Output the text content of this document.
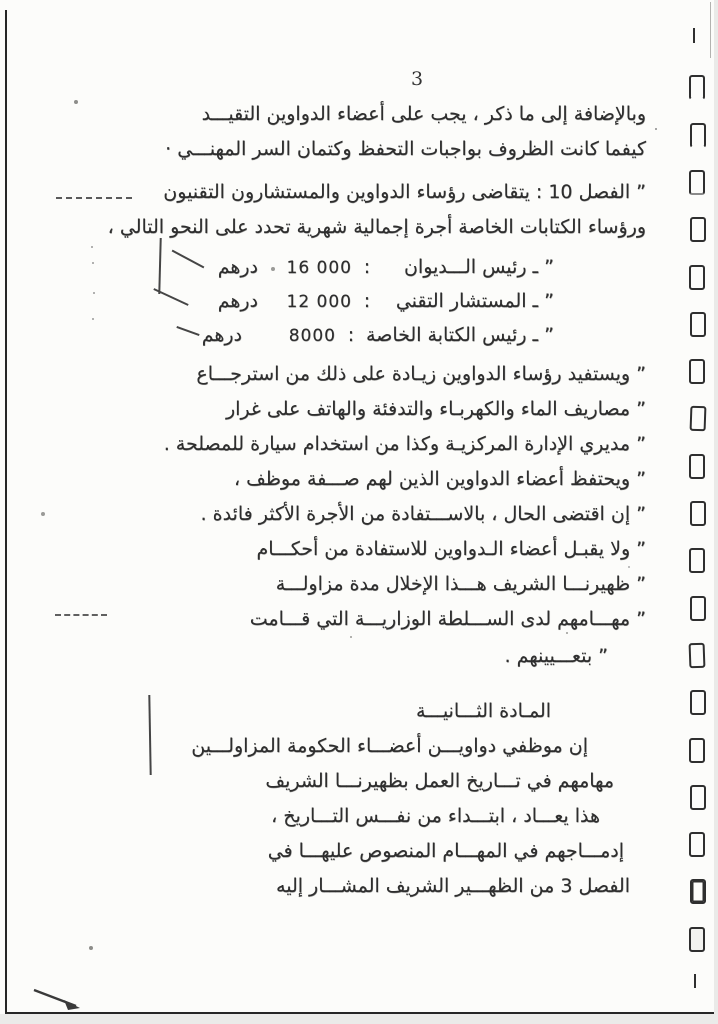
3
وبالإضافة إلى ما ذكر ، يجب على أعضاء الدواوين التقيـــد
كيفما كانت الظروف بواجبات التحفظ وكتمان السر المهنـــي ·
” الفصل 10 : يتقاضى رؤساء الدواوين والمستشارون التقنيون
ورؤساء الكتابات الخاصة أجرة إجمالية شهرية تحدد على النحو التالي ،
” ـ رئيس الـــديوان
:
16 000
درهم
” ـ المستشار التقني
:
12 000
درهم
” ـ رئيس الكتابة الخاصة
:
8000
درهم
” ويستفيد رؤساء الدواوين زيـادة على ذلك من استرجـــاع
” مصاريف الماء والكهربـاء والتدفئة والهاتف على غرار
” مديري الإدارة المركزيـة وكذا من استخدام سيارة للمصلحة .
” ويحتفظ أعضاء الدواوين الذين لهم صـــفة موظف ،
” إن اقتضى الحال ، بالاســـتفادة من الأجرة الأكثر فائدة .
” ولا يقبـل أعضاء الـدواوين للاستفادة من أحكـــام
” ظهيرنـــا الشريف هـــذا الإخلال مدة مزاولـــة
” مهـــامهم لدى الســـلطة الوزاريـــة التي قـــامت
” بتعـــيينهم .
المـادة الثـــانيـــة
إن موظفي دواويـــن أعضـــاء الحكومة المزاولـــين
مهامهم في تـــاريخ العمل بظهيرنـــا الشريف
هذا يعـــاد ، ابتـــداء من نفـــس التـــاريخ ،
إدمـــاجهم في المهـــام المنصوص عليهـــا في
الفصل 3 من الظهـــير الشريف المشـــار إليه
